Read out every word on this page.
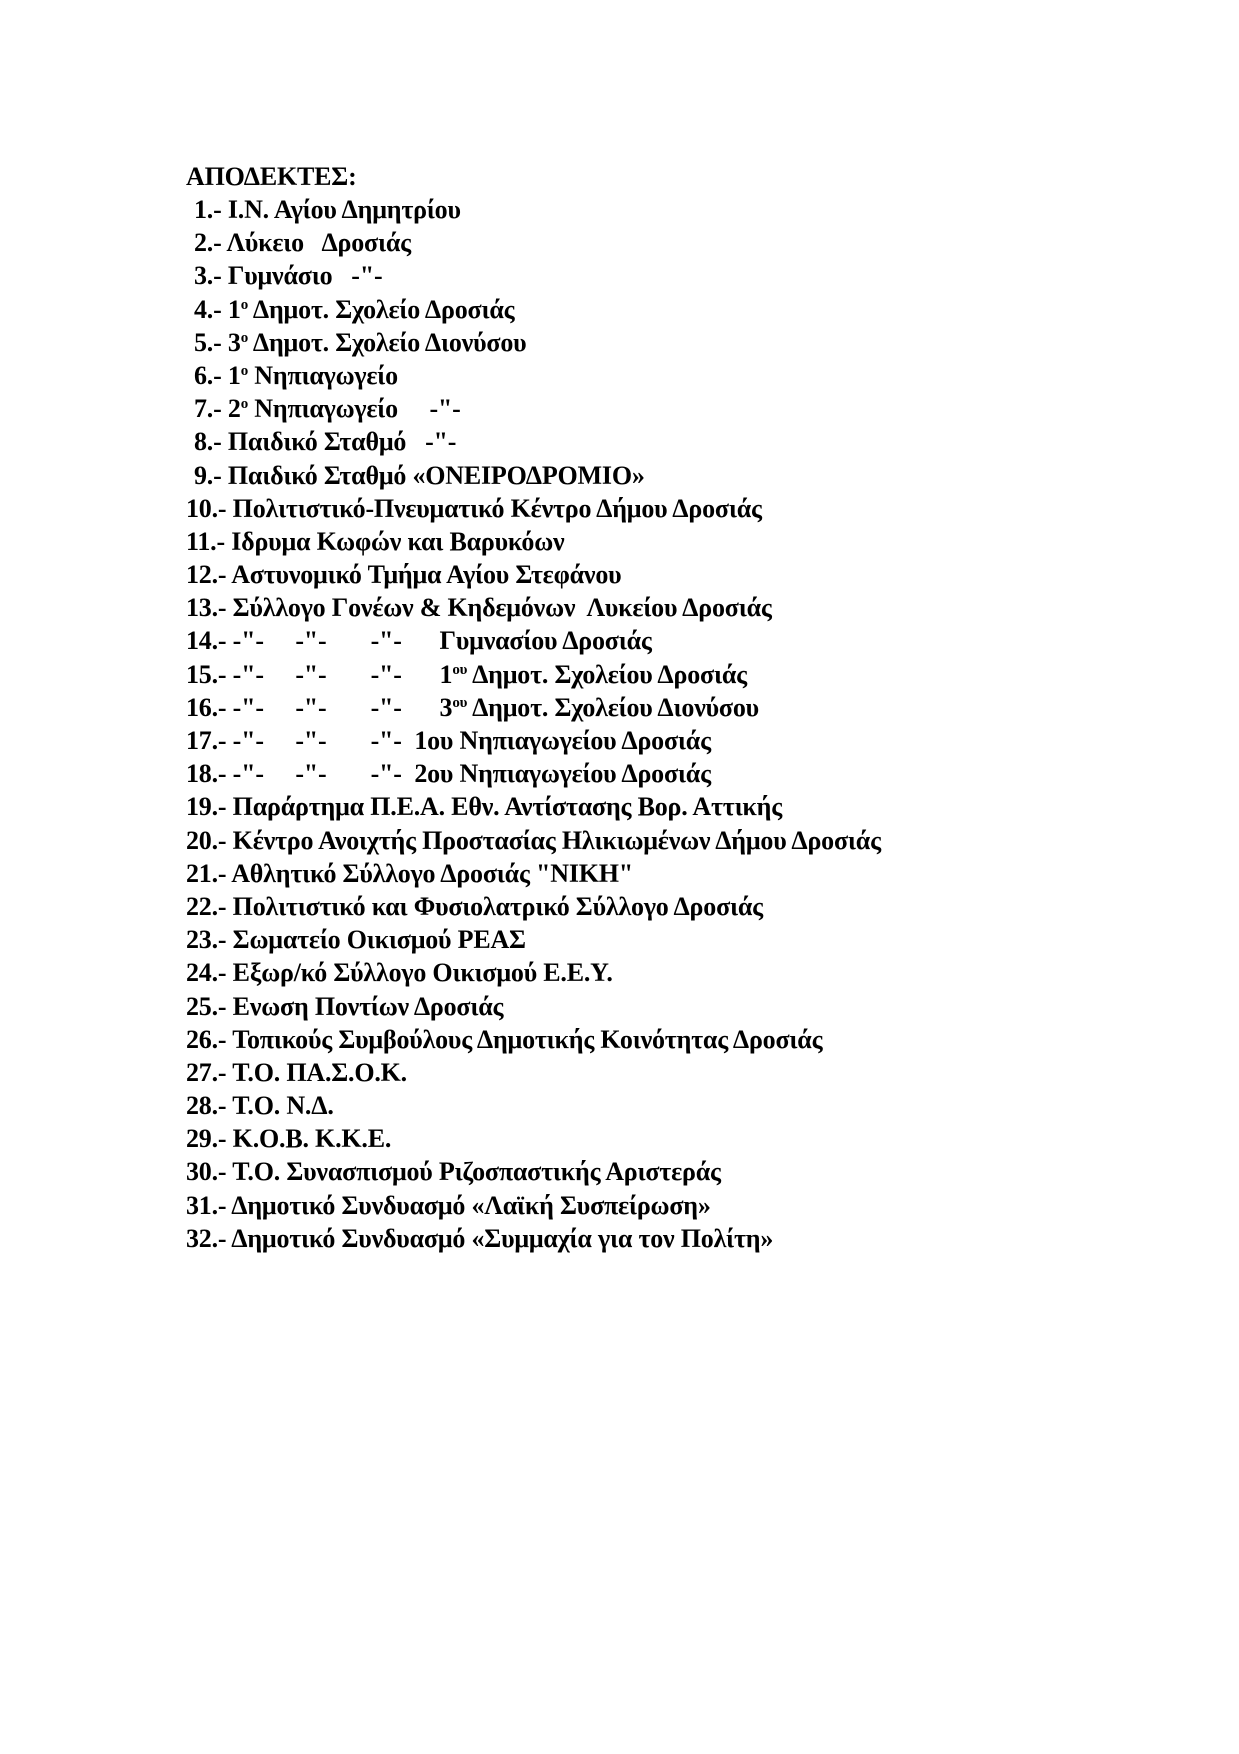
ΑΠΟΔΕΚΤΕΣ:
1.- Ι.Ν. Αγίου Δημητρίου
2.- Λύκειο   Δροσιάς
3.- Γυμνάσιο   -"-
4.- $1^o$ Δημοτ. Σχολείο Δροσιάς
5.- $3^o$ Δημοτ. Σχολείο Διονύσου
6.- $1^o$ Νηπιαγωγείο
7.- $2^o$ Νηπιαγωγείο     -"-
8.- Παιδικό Σταθμό   -"-
9.- Παιδικό Σταθμό «ΟΝΕΙΡΟΔΡΟΜΙΟ»
10.- Πολιτιστικό-Πνευματικό Κέντρο Δήμου Δροσιάς
11.- Ιδρυμα Κωφών και Βαρυκόων
12.- Αστυνομικό Τμήμα Αγίου Στεφάνου
13.- Σύλλογο Γονέων & Κηδεμόνων  Λυκείου Δροσιάς
14.- -"-     -"-       -"-      Γυμνασίου Δροσιάς
15.- -"-     -"-       -"-      $1^{o\upsilon}$ Δημοτ. Σχολείου Δροσιάς
16.- -"-     -"-       -"-      $3^{o\upsilon}$ Δημοτ. Σχολείου Διονύσου
17.- -"-     -"-       -"-  1ου Νηπιαγωγείου Δροσιάς
18.- -"-     -"-       -"-  2ου Νηπιαγωγείου Δροσιάς
19.- Παράρτημα Π.Ε.Α. Εθν. Αντίστασης Βορ. Αττικής
20.- Κέντρο Ανοιχτής Προστασίας Ηλικιωμένων Δήμου Δροσιάς
21.- Αθλητικό Σύλλογο Δροσιάς "ΝΙΚΗ"
22.- Πολιτιστικό και Φυσιολατρικό Σύλλογο Δροσιάς
23.- Σωματείο Οικισμού ΡΕΑΣ
24.- Εξωρ/κό Σύλλογο Οικισμού Ε.Ε.Υ.
25.- Ενωση Ποντίων Δροσιάς
26.- Τοπικούς Συμβούλους Δημοτικής Κοινότητας Δροσιάς
27.- Τ.Ο. ΠΑ.Σ.Ο.Κ.
28.- Τ.Ο. Ν.Δ.
29.- Κ.Ο.Β. Κ.Κ.Ε.
30.- Τ.Ο. Συνασπισμού Ριζοσπαστικής Αριστεράς
31.- Δημοτικό Συνδυασμό «Λαϊκή Συσπείρωση»
32.- Δημοτικό Συνδυασμό «Συμμαχία για τον Πολίτη»
